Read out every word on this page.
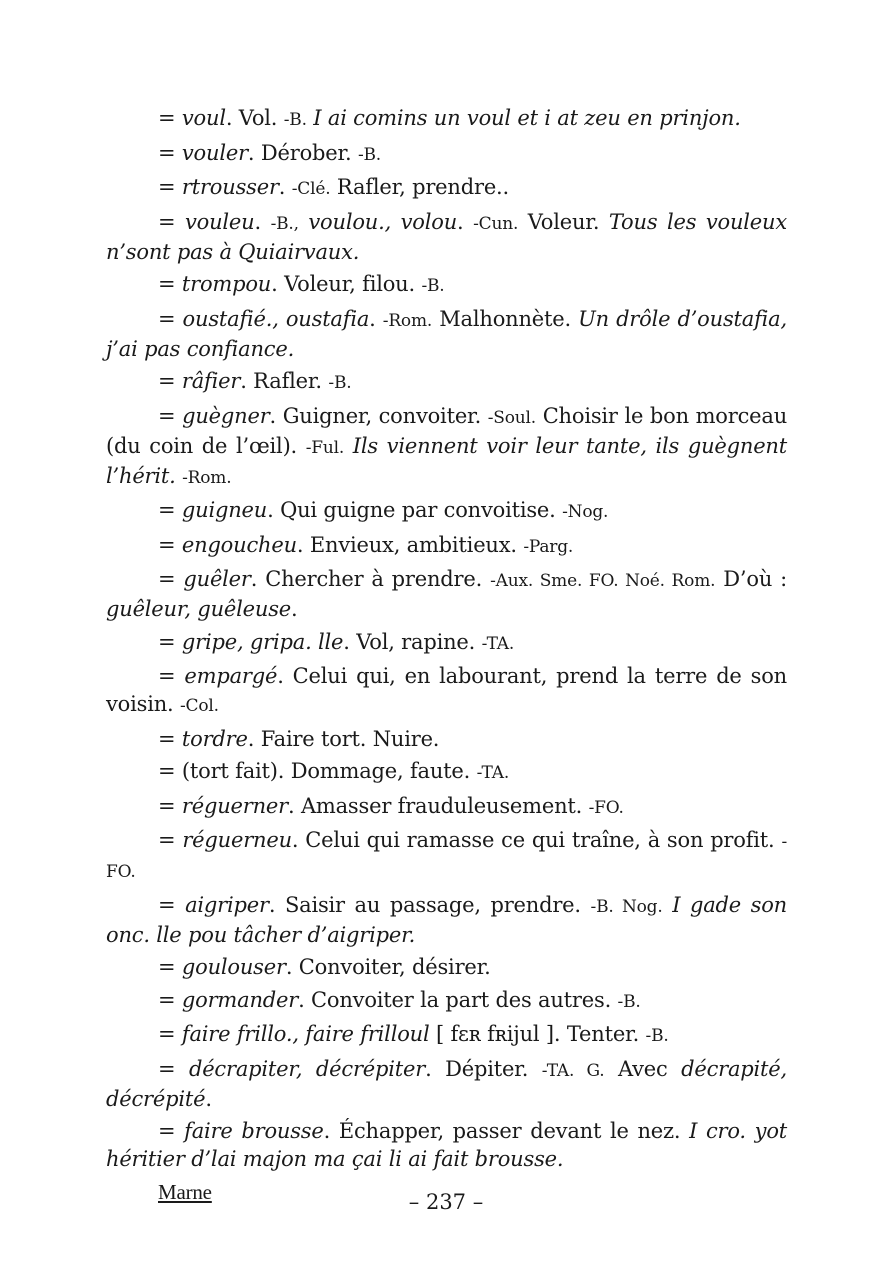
= voul. Vol. -B. I ai comins un voul et i at zeu en prinjon.

= vouler. Dérober. -B.

= rtrousser. -Clé. Rafler, prendre..

= vouleu. -B., voulou., volou. -Cun. Voleur. Tous les vouleux n’sont pas à Quiairvaux.

= trompou. Voleur, filou. -B.

= oustafié., oustafia. -Rom. Malhonnète. Un drôle d’oustafia, j’ai pas confiance.

= râfier. Rafler. -B.

= guègner. Guigner, convoiter. -Soul. Choisir le bon morceau (du coin de l’œil). -Ful. Ils viennent voir leur tante, ils guègnent l’hérit. -Rom.

= guigneu. Qui guigne par convoitise. -Nog.

= engoucheu. Envieux, ambitieux. -Parg.

= guêler. Chercher à prendre. -Aux. Sme. FO. Noé. Rom. D’où : guêleur, guêleuse.

= gripe, gripa. lle. Vol, rapine. -TA.

= empargé. Celui qui, en labourant, prend la terre de son voisin. -Col.

= tordre. Faire tort. Nuire.

= (tort fait). Dommage, faute. -TA.

= réguerner. Amasser frauduleusement. -FO.

= réguerneu. Celui qui ramasse ce qui traîne, à son profit. -FO.

= aigriper. Saisir au passage, prendre. -B. Nog. I gade son onc. lle pou tâcher d’aigriper.

= goulouser. Convoiter, désirer.

= gormander. Convoiter la part des autres. -B.

= faire frillo., faire frilloul [ fɛʀ fʀijul ]. Tenter. -B.

= décrapiter, décrépiter. Dépiter. -TA. G. Avec décrapité, décrépité.

= faire brousse. Échapper, passer devant le nez. I cro. yot héritier d’lai majon ma çai li ai fait brousse.

Marne	– 237 –
